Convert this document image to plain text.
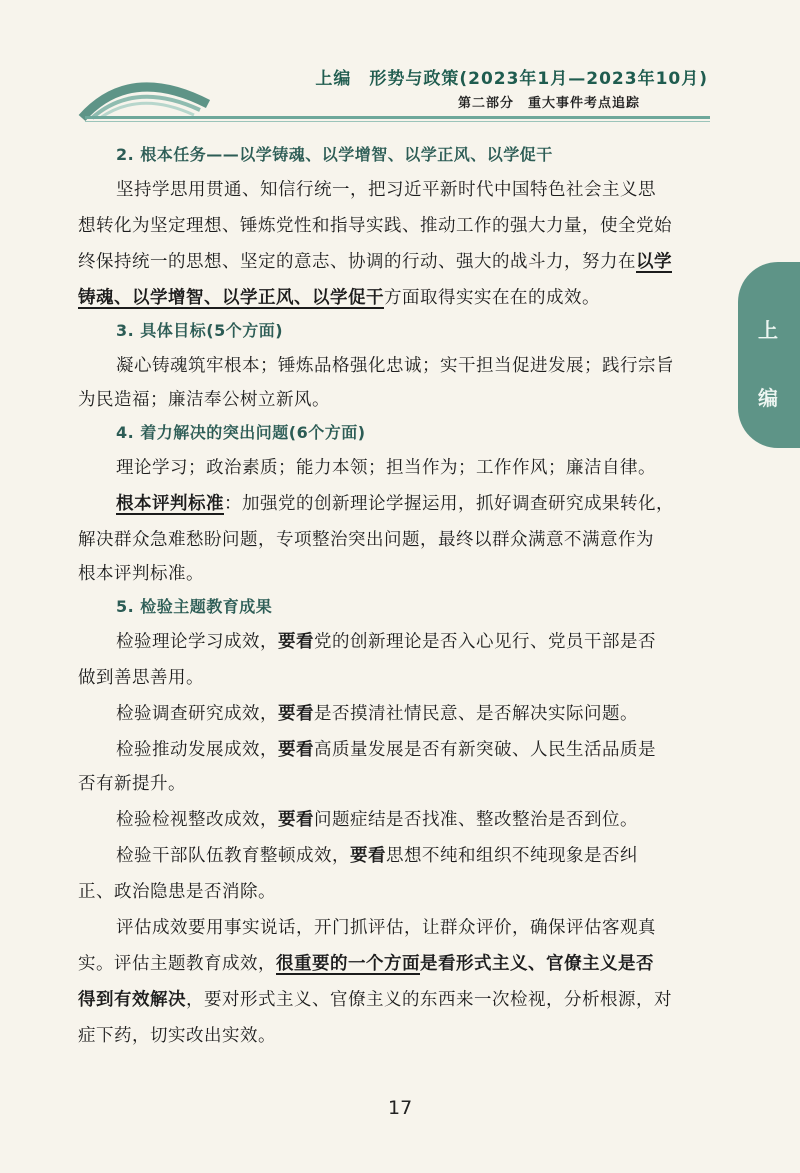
上编　形势与政策(2023年1月—2023年10月)
第二部分　重大事件考点追踪
上
编
2. 根本任务——以学铸魂、以学增智、以学正风、以学促干
坚持学思用贯通、知信行统一，把习近平新时代中国特色社会主义思
想转化为坚定理想、锤炼党性和指导实践、推动工作的强大力量，使全党始
终保持统一的思想、坚定的意志、协调的行动、强大的战斗力，努力在以学
铸魂、以学增智、以学正风、以学促干方面取得实实在在的成效。
3. 具体目标(5个方面)
凝心铸魂筑牢根本；锤炼品格强化忠诚；实干担当促进发展；践行宗旨
为民造福；廉洁奉公树立新风。
4. 着力解决的突出问题(6个方面)
理论学习；政治素质；能力本领；担当作为；工作作风；廉洁自律。
根本评判标准：加强党的创新理论学握运用，抓好调查研究成果转化，
解决群众急难愁盼问题，专项整治突出问题，最终以群众满意不满意作为
根本评判标准。
5. 检验主题教育成果
检验理论学习成效，要看党的创新理论是否入心见行、党员干部是否
做到善思善用。
检验调查研究成效，要看是否摸清社情民意、是否解决实际问题。
检验推动发展成效，要看高质量发展是否有新突破、人民生活品质是
否有新提升。
检验检视整改成效，要看问题症结是否找准、整改整治是否到位。
检验干部队伍教育整顿成效，要看思想不纯和组织不纯现象是否纠
正、政治隐患是否消除。
评估成效要用事实说话，开门抓评估，让群众评价，确保评估客观真
实。评估主题教育成效，很重要的一个方面是看形式主义、官僚主义是否
得到有效解决，要对形式主义、官僚主义的东西来一次检视，分析根源，对
症下药，切实改出实效。
17
